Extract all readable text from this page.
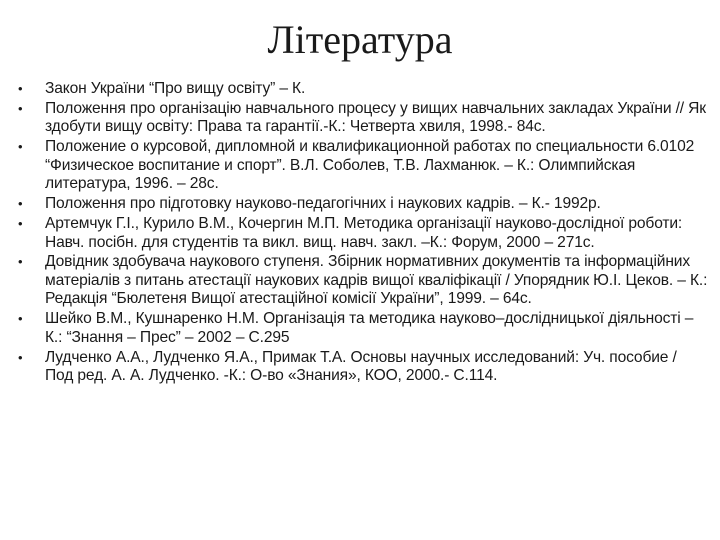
Література
•	Закон України “Про вищу освіту” – К.
•	Положення про організацію навчального процесу у вищих навчальних закладах України // Як здобути вищу освіту: Права та гарантії.-К.: Четверта хвиля, 1998.- 84с.
•	Положение о курсовой, дипломной и квалификационной работах по специальности 6.0102 “Физическое воспитание и спорт”. В.Л. Соболев, Т.В. Лахманюк. – К.: Олимпийская литература, 1996. – 28с.
•	Положення про підготовку науково-педагогічних і наукових кадрів. – К.- 1992р.
•	Артемчук Г.І., Курило В.М., Кочергин М.П. Методика організації науково-дослідної роботи: Навч. посібн. для студентів та викл. вищ. навч. закл. –К.: Форум, 2000 – 271с.
•	Довідник здобувача наукового ступеня. Збірник нормативних документів та інформаційних матеріалів з питань атестації наукових кадрів вищої кваліфікації / Упорядник Ю.І. Цеков. – К.: Редакція “Бюлетеня Вищої атестаційної комісії України”, 1999. – 64с.
•	Шейко В.М., Кушнаренко Н.М. Організація та методика науково–дослідницької діяльності – К.: “Знання – Прес” – 2002 – С.295
•	Лудченко А.А., Лудченко Я.А., Примак Т.А. Основы научных исследований: Уч. пособие / Под ред. А. А. Лудченко. -К.: О-во «Знания», КОО, 2000.- С.114.
